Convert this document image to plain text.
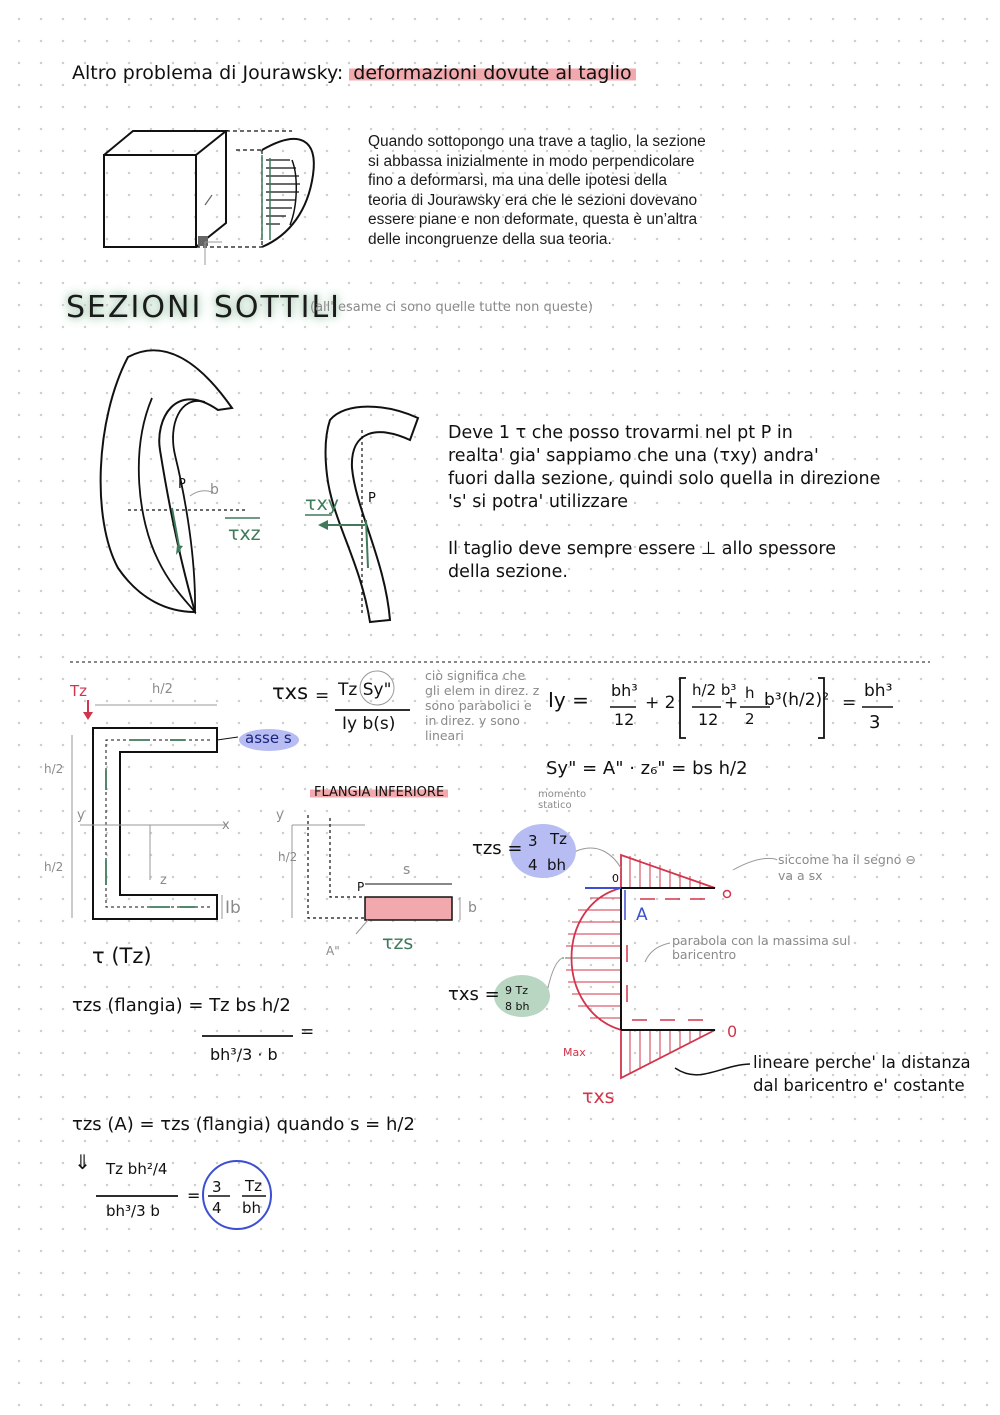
Altro problema di Jourawsky: deformazioni dovute al taglio
Quando sottopongo una trave a taglio, la sezione
si abbassa inizialmente in modo perpendicolare
fino a deformarsi, ma una delle ipotesi della
teoria di Jourawsky era che le sezioni dovevano
essere piane e non deformate, questa è un’altra
delle incongruenze della sua teoria.
SEZIONI SOTTILI
(all' esame ci sono quelle tutte non queste)
P b
τxz
τxy P
Deve 1 τ che posso trovarmi nel pt P in
realta' gia' sappiamo che una (τxy) andra'
fuori dalla sezione, quindi solo quella in direzione
's' si potra' utilizzare
Il taglio deve sempre essere ⊥ allo spessore
della sezione.
Tz	h/2
h/2
h/2
y
x
z
asse s
Ib
τ (Tz)
FLANGIA INFERIORE
y
h/2
P
s
b
A" τzs
τxs = Tz Sy"
Iy b(s)
ciò significa che gli elem in direz. z sono parabolici e in direz. y sono lineari
Iy = bh³
12
+ 2
h/2 b³
12
+ h
2
b³(h/2)² =
bh³
3
Sy" = A" · z₆" = bs h/2
momento statico
τzs (flangia) = Tz bs h/2
bh³/3 · b
=
τzs (A) = τzs (flangia) quando s = h/2
⇓ Tz bh²/4
bh³/3 b
= 3
4
Tz
bh
τzs = 3
4
Tz
bh	siccome ha il segno ⊖ va a sx
A
parabola con la massima sul baricentro
τxs = 9 Tz
8 bh
Max
lineare perche' la distanza
dal baricentro e' costante
τxs
0
0
